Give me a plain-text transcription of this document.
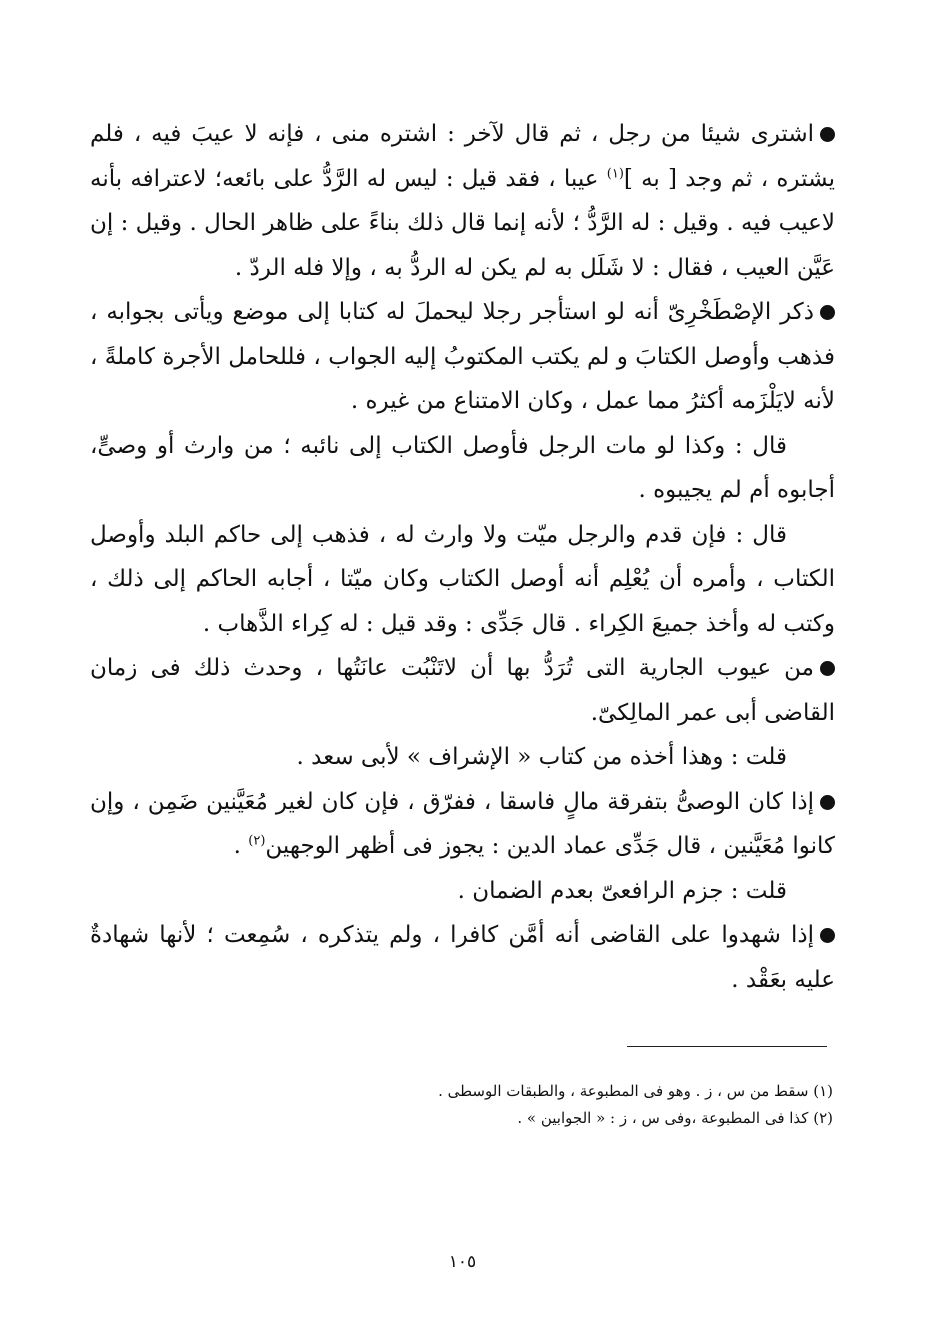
اشترى شيئا من رجل ، ثم قال لآخر : اشتره منى ، فإنه لا عيبَ فيه ، فلم يشتره ، ثم وجد [ به ]$^{(١)}$ عيبا ، فقد قيل : ليس له الرَّدُّ على بائعه؛ لاعترافه بأنه لاعيب فيه . وقيل : له الرَّدُّ ؛ لأنه إنما قال ذلك بناءً على ظاهر الحال . وقيل : إن عَيَّن العيب ، فقال : لا شَلَل به لم يكن له الردُّ به ، وإلا فله الردّ .

ذكر الإصْطَخْرِىّ أنه لو استأجر رجلا ليحملَ له كتابا إلى موضع ويأتى بجوابه ، فذهب وأوصل الكتابَ و لم يكتب المكتوبُ إليه الجواب ، فللحامل الأجرة كاملةً ، لأنه لايَلْزَمه أكثرُ مما عمل ، وكان الامتناع من غيره .

قال : وكذا لو مات الرجل فأوصل الكتاب إلى نائبه ؛ من وارث أو وصىٍّ، أجابوه أم لم يجيبوه .

قال : فإن قدم والرجل ميّت ولا وارث له ، فذهب إلى حاكم البلد وأوصل الكتاب ، وأمره أن يُعْلِم أنه أوصل الكتاب وكان ميّتا ، أجابه الحاكم إلى ذلك ، وكتب له وأخذ جميعَ الكِراء . قال جَدِّى : وقد قيل : له كِراء الذَّهاب .

من عيوب الجارية التى تُرَدُّ بها أن لاتَنْبُت عانَتُها ، وحدث ذلك فى زمان القاضى أبى عمر المالِكىّ.

قلت : وهذا أخذه من كتاب « الإشراف » لأبى سعد .

إذا كان الوصىُّ بتفرقة مالٍ فاسقا ، ففرّق ، فإن كان لغير مُعَيَّنين ضَمِن ، وإن كانوا مُعَيَّنين ، قال جَدِّى عماد الدين : يجوز فى أظهر الوجهين$^{(٢)}$ .

قلت : جزم الرافعىّ بعدم الضمان .

إذا شهدوا على القاضى أنه أمَّن كافرا ، ولم يتذكره ، سُمِعت ؛ لأنها شهادةٌ عليه بعَقْد .

(١) سقط من س ، ز . وهو فى المطبوعة ، والطبقات الوسطى .

(٢) كذا فى المطبوعة ،وفى س ، ز : « الجوابين » .

١٠٥
